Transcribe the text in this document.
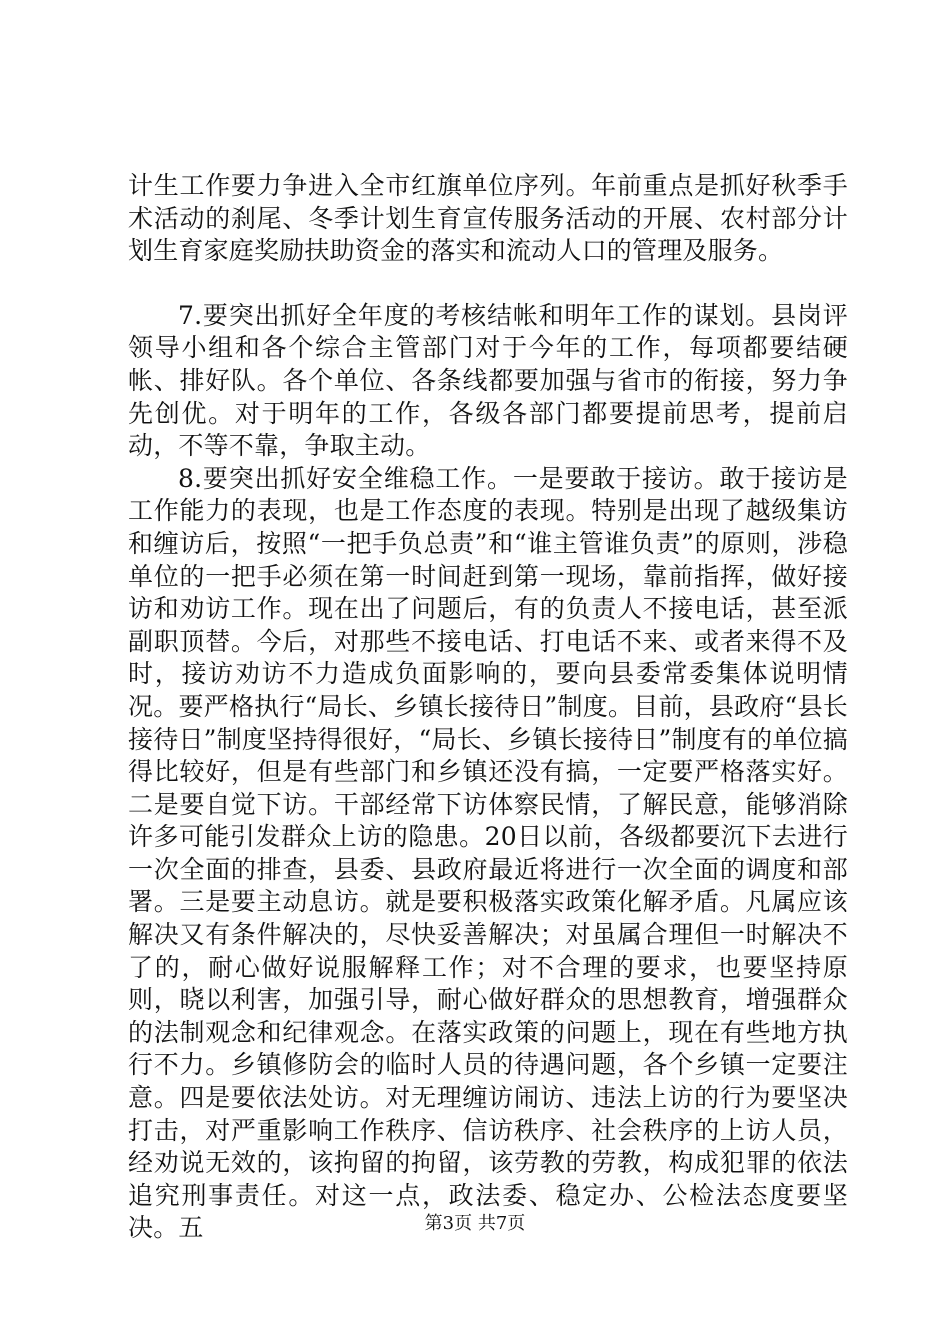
计生工作要力争进入全市红旗单位序列。年前重点是抓好秋季手术活动的刹尾、冬季计划生育宣传服务活动的开展、农村部分计划生育家庭奖励扶助资金的落实和流动人口的管理及服务。

7.要突出抓好全年度的考核结帐和明年工作的谋划。县岗评领导小组和各个综合主管部门对于今年的工作，每项都要结硬帐、排好队。各个单位、各条线都要加强与省市的衔接，努力争先创优。对于明年的工作，各级各部门都要提前思考，提前启动，不等不靠，争取主动。

8.要突出抓好安全维稳工作。一是要敢于接访。敢于接访是工作能力的表现，也是工作态度的表现。特别是出现了越级集访和缠访后，按照“一把手负总责”和“谁主管谁负责”的原则，涉稳单位的一把手必须在第一时间赶到第一现场，靠前指挥，做好接访和劝访工作。现在出了问题后，有的负责人不接电话，甚至派副职顶替。今后，对那些不接电话、打电话不来、或者来得不及时，接访劝访不力造成负面影响的，要向县委常委集体说明情况。要严格执行“局长、乡镇长接待日”制度。目前，县政府“县长接待日”制度坚持得很好，“局长、乡镇长接待日”制度有的单位搞得比较好，但是有些部门和乡镇还没有搞，一定要严格落实好。二是要自觉下访。干部经常下访体察民情，了解民意，能够消除许多可能引发群众上访的隐患。20日以前，各级都要沉下去进行一次全面的排查，县委、县政府最近将进行一次全面的调度和部署。三是要主动息访。就是要积极落实政策化解矛盾。凡属应该解决又有条件解决的，尽快妥善解决；对虽属合理但一时解决不了的，耐心做好说服解释工作；对不合理的要求，也要坚持原则，晓以利害，加强引导，耐心做好群众的思想教育，增强群众的法制观念和纪律观念。在落实政策的问题上，现在有些地方执行不力。乡镇修防会的临时人员的待遇问题，各个乡镇一定要注意。四是要依法处访。对无理缠访闹访、违法上访的行为要坚决打击，对严重影响工作秩序、信访秩序、社会秩序的上访人员，经劝说无效的，该拘留的拘留，该劳教的劳教，构成犯罪的依法追究刑事责任。对这一点，政法委、稳定办、公检法态度要坚决。五	第3页 共7页
